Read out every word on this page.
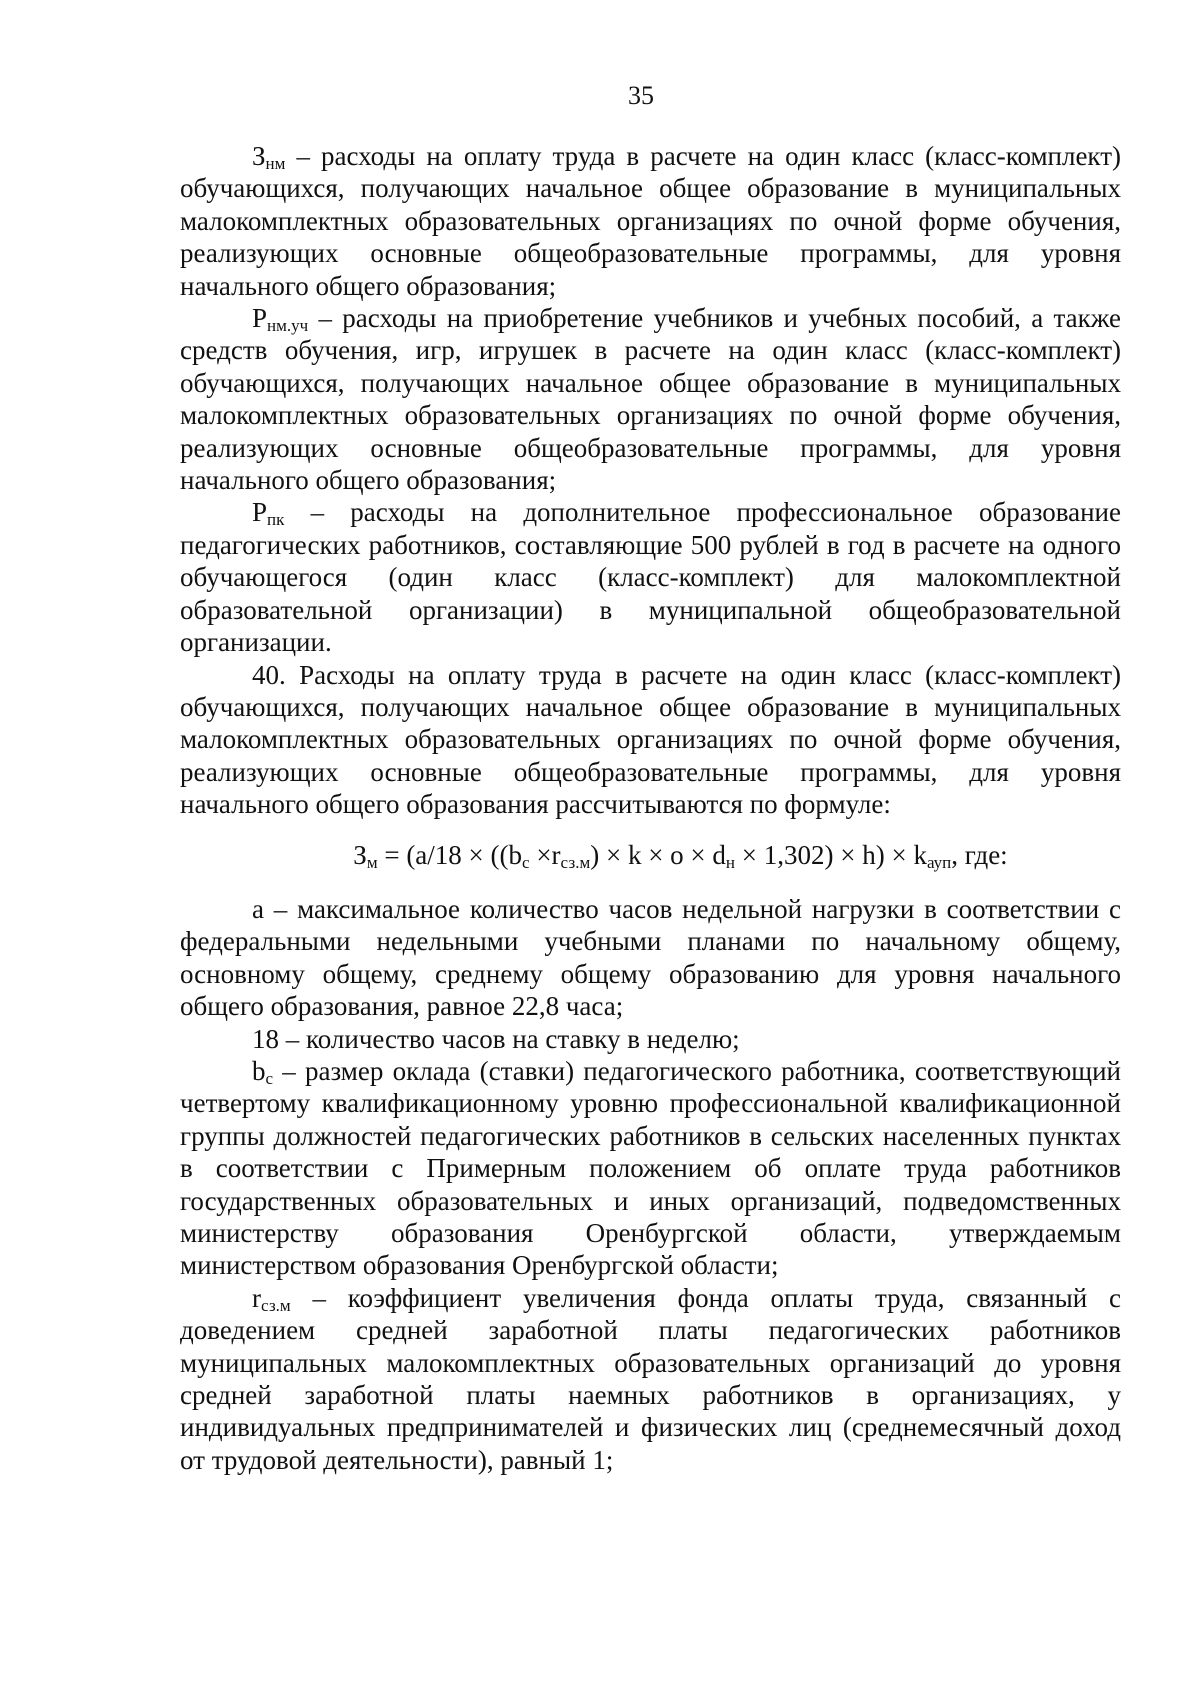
35

$З_{нм}$ – расходы на оплату труда в расчете на один класс (класс-комплект) обучающихся, получающих начальное общее образование в муниципальных малокомплектных образовательных организациях по очной форме обучения, реализующих основные общеобразовательные программы, для уровня начального общего образования;

$Р_{нм.уч}$ – расходы на приобретение учебников и учебных пособий, а также средств обучения, игр, игрушек в расчете на один класс (класс-комплект) обучающихся, получающих начальное общее образование в муниципальных малокомплектных образовательных организациях по очной форме обучения, реализующих основные общеобразовательные программы, для уровня начального общего образования;

$Р_{пк}$ – расходы на дополнительное профессиональное образование педагогических работников, составляющие 500 рублей в год в расчете на одного обучающегося (один класс (класс-комплект) для малокомплектной образовательной организации) в муниципальной общеобразовательной организации.

40. Расходы на оплату труда в расчете на один класс (класс-комплект) обучающихся, получающих начальное общее образование в муниципальных малокомплектных образовательных организациях по очной форме обучения, реализующих основные общеобразовательные программы, для уровня начального общего образования рассчитываются по формуле:

$З_м = (a/18 \times ((b_с \times r_{сз.м}) \times k \times o \times d_н \times 1,302) \times h) \times k_{ауп}$, где:

а – максимальное количество часов недельной нагрузки в соответствии с федеральными недельными учебными планами по начальному общему, основному общему, среднему общему образованию для уровня начального общего образования, равное 22,8 часа;

18 – количество часов на ставку в неделю;

$b_с$ – размер оклада (ставки) педагогического работника, соответствующий четвертому квалификационному уровню профессиональной квалификационной группы должностей педагогических работников в сельских населенных пунктах в соответствии с Примерным положением об оплате труда работников государственных образовательных и иных организаций, подведомственных министерству образования Оренбургской области, утверждаемым министерством образования Оренбургской области;

$r_{сз.м}$ – коэффициент увеличения фонда оплаты труда, связанный с доведением средней заработной платы педагогических работников муниципальных малокомплектных образовательных организаций до уровня средней заработной платы наемных работников в организациях, у индивидуальных предпринимателей и физических лиц (среднемесячный доход от трудовой деятельности), равный 1;
